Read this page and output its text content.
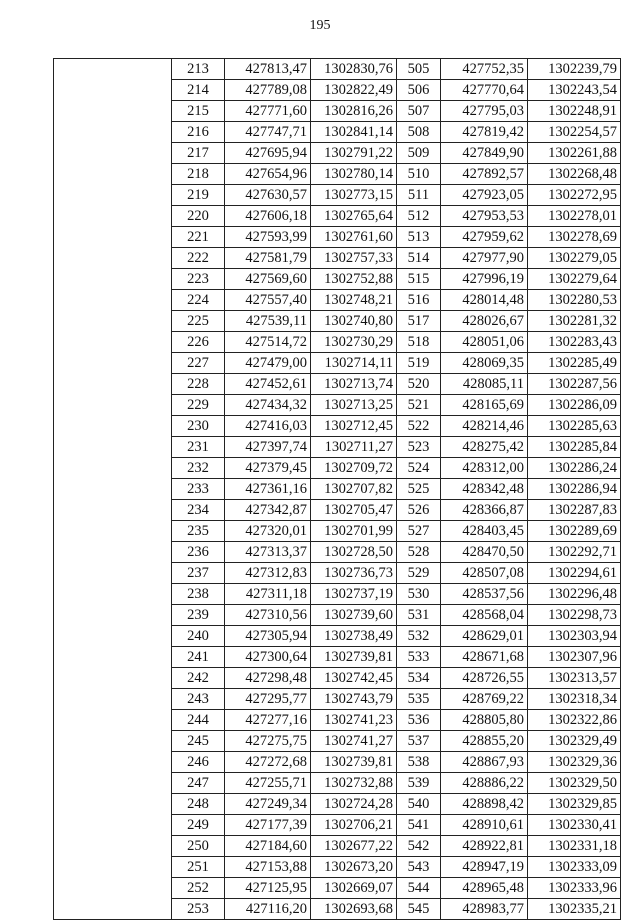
195
	213	427813,47	1302830,76	505	427752,35	1302239,79
	214	427789,08	1302822,49	506	427770,64	1302243,54
	215	427771,60	1302816,26	507	427795,03	1302248,91
	216	427747,71	1302841,14	508	427819,42	1302254,57
	217	427695,94	1302791,22	509	427849,90	1302261,88
	218	427654,96	1302780,14	510	427892,57	1302268,48
	219	427630,57	1302773,15	511	427923,05	1302272,95
	220	427606,18	1302765,64	512	427953,53	1302278,01
	221	427593,99	1302761,60	513	427959,62	1302278,69
	222	427581,79	1302757,33	514	427977,90	1302279,05
	223	427569,60	1302752,88	515	427996,19	1302279,64
	224	427557,40	1302748,21	516	428014,48	1302280,53
	225	427539,11	1302740,80	517	428026,67	1302281,32
	226	427514,72	1302730,29	518	428051,06	1302283,43
	227	427479,00	1302714,11	519	428069,35	1302285,49
	228	427452,61	1302713,74	520	428085,11	1302287,56
	229	427434,32	1302713,25	521	428165,69	1302286,09
	230	427416,03	1302712,45	522	428214,46	1302285,63
	231	427397,74	1302711,27	523	428275,42	1302285,84
	232	427379,45	1302709,72	524	428312,00	1302286,24
	233	427361,16	1302707,82	525	428342,48	1302286,94
	234	427342,87	1302705,47	526	428366,87	1302287,83
	235	427320,01	1302701,99	527	428403,45	1302289,69
	236	427313,37	1302728,50	528	428470,50	1302292,71
	237	427312,83	1302736,73	529	428507,08	1302294,61
	238	427311,18	1302737,19	530	428537,56	1302296,48
	239	427310,56	1302739,60	531	428568,04	1302298,73
	240	427305,94	1302738,49	532	428629,01	1302303,94
	241	427300,64	1302739,81	533	428671,68	1302307,96
	242	427298,48	1302742,45	534	428726,55	1302313,57
	243	427295,77	1302743,79	535	428769,22	1302318,34
	244	427277,16	1302741,23	536	428805,80	1302322,86
	245	427275,75	1302741,27	537	428855,20	1302329,49
	246	427272,68	1302739,81	538	428867,93	1302329,36
	247	427255,71	1302732,88	539	428886,22	1302329,50
	248	427249,34	1302724,28	540	428898,42	1302329,85
	249	427177,39	1302706,21	541	428910,61	1302330,41
	250	427184,60	1302677,22	542	428922,81	1302331,18
	251	427153,88	1302673,20	543	428947,19	1302333,09
	252	427125,95	1302669,07	544	428965,48	1302333,96
	253	427116,20	1302693,68	545	428983,77	1302335,21
